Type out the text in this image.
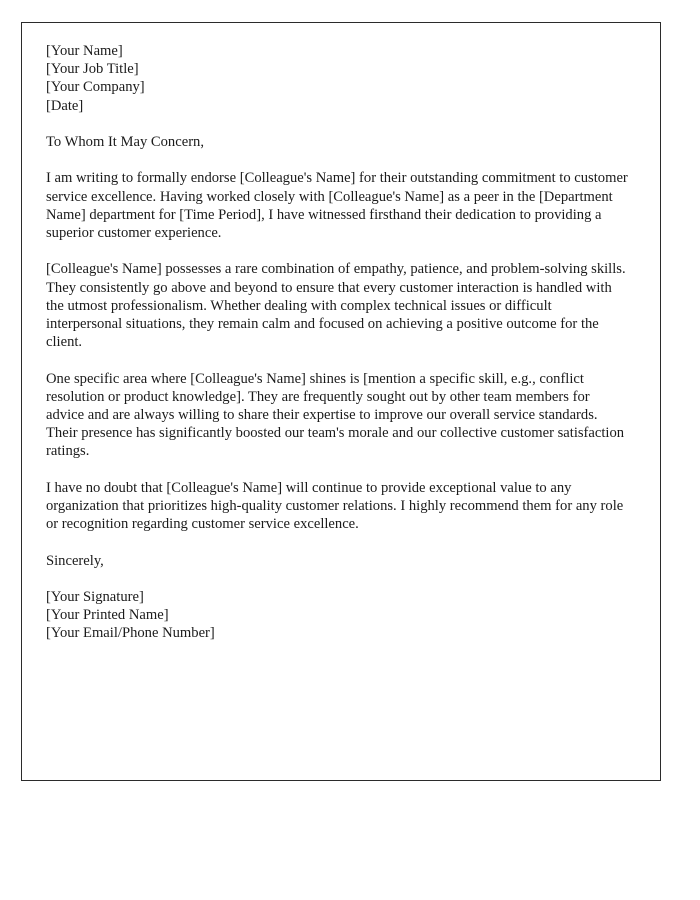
[Your Name]
[Your Job Title]
[Your Company]
[Date]
To Whom It May Concern,

I am writing to formally endorse [Colleague's Name] for their outstanding commitment to customer service excellence. Having worked closely with [Colleague's Name] as a peer in the [Department Name] department for [Time Period], I have witnessed firsthand their dedication to providing a superior customer experience.

[Colleague's Name] possesses a rare combination of empathy, patience, and problem-solving skills. They consistently go above and beyond to ensure that every customer interaction is handled with the utmost professionalism. Whether dealing with complex technical issues or difficult interpersonal situations, they remain calm and focused on achieving a positive outcome for the client.

One specific area where [Colleague's Name] shines is [mention a specific skill, e.g., conflict resolution or product knowledge]. They are frequently sought out by other team members for advice and are always willing to share their expertise to improve our overall service standards. Their presence has significantly boosted our team's morale and our collective customer satisfaction ratings.

I have no doubt that [Colleague's Name] will continue to provide exceptional value to any organization that prioritizes high-quality customer relations. I highly recommend them for any role or recognition regarding customer service excellence.

Sincerely,
[Your Signature]
[Your Printed Name]
[Your Email/Phone Number]
